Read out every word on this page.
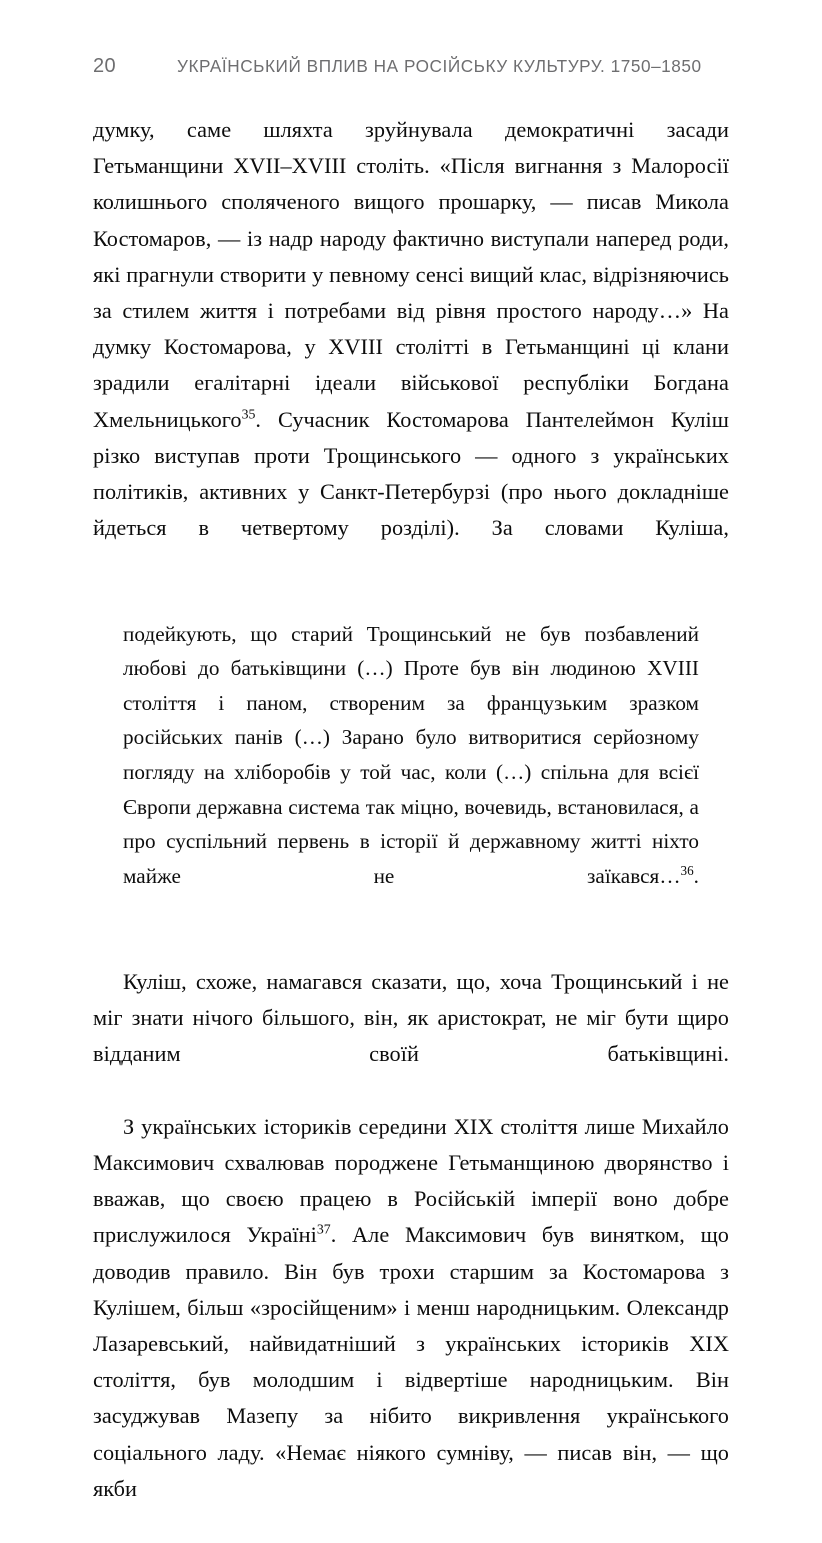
20	УКРАЇНСЬКИЙ ВПЛИВ НА РОСІЙСЬКУ КУЛЬТУРУ. 1750–1850

думку, саме шляхта зруйнувала демократичні засади Гетьманщини XVII–XVIII століть. «Після вигнання з Малоросії колишнього споляченого вищого прошарку, — писав Микола Костомаров, — із надр народу фактично виступали наперед роди, які прагнули створити у певному сенсі вищий клас, відрізняючись за стилем життя і потребами від рівня простого народу…» На думку Костомарова, у XVIII столітті в Гетьманщині ці клани зрадили егалітарні ідеали військової республіки Богдана Хмельницького$^{35}$. Сучасник Костомарова Пантелеймон Куліш різко виступав проти Трощинського — одного з українських політиків, активних у Санкт-Петербурзі (про нього докладніше йдеться в четвертому розділі). За словами Куліша,

подейкують, що старий Трощинський не був позбавлений любові до батьківщини (…) Проте був він людиною XVIII століття і паном, створеним за французьким зразком російських панів (…) Зарано було витворитися серйозному погляду на хліборобів у той час, коли (…) спільна для всієї Європи державна система так міцно, вочевидь, встановилася, а про суспільний первень в історії й державному житті ніхто майже не заїкався…$^{36}$.

Куліш, схоже, намагався сказати, що, хоча Трощинський і не міг знати нічого більшого, він, як аристократ, не міг бути щиро відданим своїй батьківщині.

З українських істориків середини XIX століття лише Михайло Максимович схвалював породжене Гетьманщиною дворянство і вважав, що своєю працею в Російській імперії воно добре прислужилося Україні$^{37}$. Але Максимович був винятком, що доводив правило. Він був трохи старшим за Костомарова з Кулішем, більш «зросійщеним» і менш народницьким. Олександр Лазаревський, найвидатніший з українських істориків XIX століття, був молодшим і відвертіше народницьким. Він засуджував Мазепу за нібито викривлення українського соціального ладу. «Немає ніякого сумніву, — писав він, — що якби
